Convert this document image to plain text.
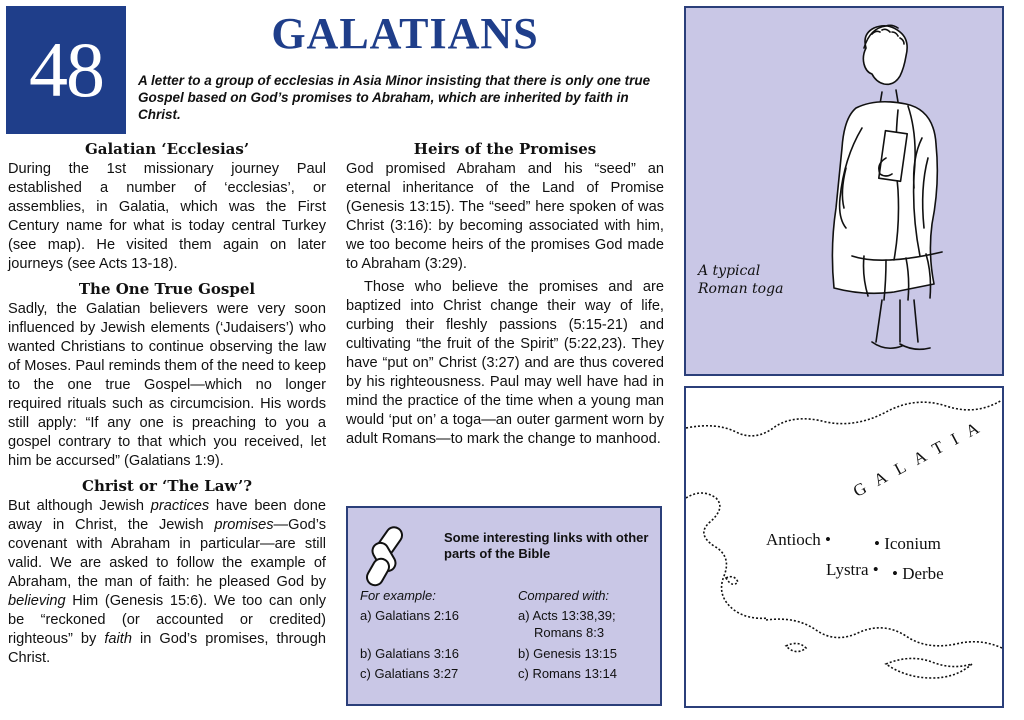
48	GALATIANS
A letter to a group of ecclesias in Asia Minor insisting that there is only one true Gospel based on God’s promises to Abraham, which are inherited by faith in Christ.
Galatian ‘Ecclesias’

During the 1st missionary journey Paul established a number of ‘ecclesias’, or assemblies, in Galatia, which was the First Century name for what is today central Turkey (see map). He visited them again on later journeys (see Acts 13-18).

The One True Gospel

Sadly, the Galatian believers were very soon influenced by Jewish elements (‘Judaisers’) who wanted Christians to continue observing the law of Moses. Paul reminds them of the need to keep to the one true Gospel—which no longer required rituals such as circumcision. His words still apply: “If any one is preaching to you a gospel contrary to that which you received, let him be accursed” (Galatians 1:9).

Christ or ‘The Law’?

But although Jewish practices have been done away in Christ, the Jewish promises—God’s covenant with Abraham in particular—are still valid. We are asked to follow the example of Abraham, the man of faith: he pleased God by believing Him (Genesis 15:6). We too can only be “reckoned (or accounted or credited) righteous” by faith in God’s promises, through Christ.

Heirs of the Promises

God promised Abraham and his “seed” an eternal inheritance of the Land of Promise (Genesis 13:15). The “seed” here spoken of was Christ (3:16): by becoming associated with him, we too become heirs of the promises God made to Abraham (3:29).

Those who believe the promises and are baptized into Christ change their way of life, curbing their fleshly passions (5:15-21) and cultivating “the fruit of the Spirit” (5:22,23). They have “put on” Christ (3:27) and are thus covered by his righteousness. Paul may well have had in mind the practice of the time when a young man would ‘put on’ a toga—an outer garment worn by adult Romans—to mark the change to manhood.

Some interesting links with other parts of the Bible
For example:	Compared with:
a) Galatians 2:16	a) Acts 13:38,39;
Romans 8:3
b) Galatians 3:16	b) Genesis 13:15
c) Galatians 3:27	c) Romans 13:14
A typical
Roman toga
GALATIA
Antioch •	• Iconium
Lystra • • Derbe
